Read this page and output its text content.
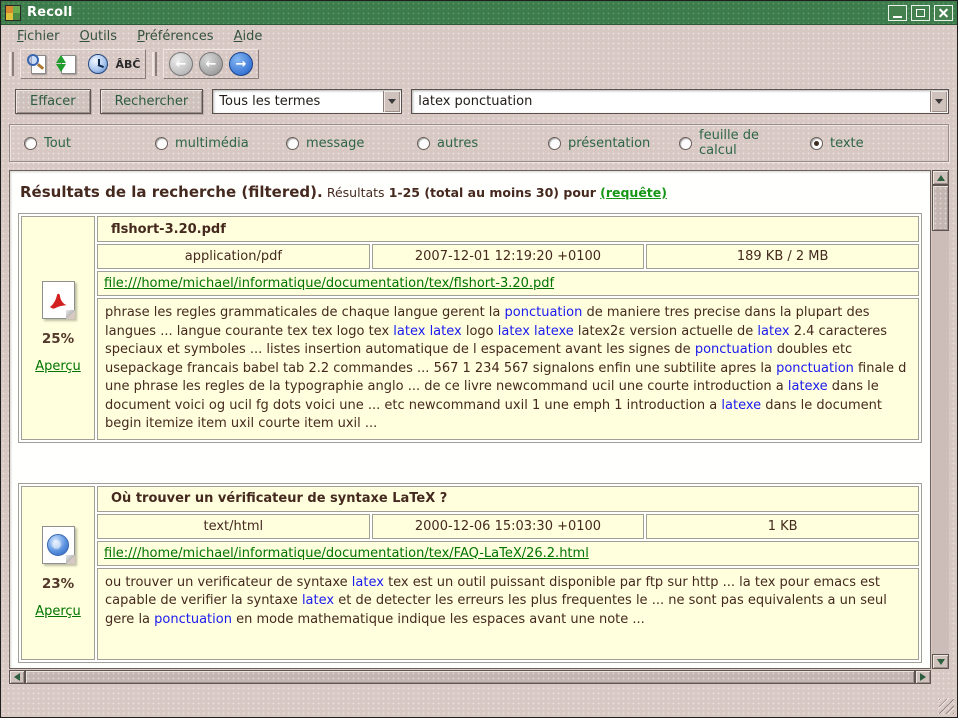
Recoll
Fichier	Outils	Préférences	Aide
ÂBĈ	←	←	→
Effacer	Rechercher	Tous les termes	latex ponctuation
Tout	multimédia	message	autres	présentation	feuille de calcul	texte
Résultats de la recherche (filtered). Résultats 1-25 (total au moins 30) pour (requête)
25%
Aperçu	flshort-3.20.pdf		
	application/pdf	2007-12-01 12:19:20 +0100	189 KB / 2 MB
	file:///home/michael/informatique/documentation/tex/flshort-3.20.pdf		
	phrase les regles grammaticales de chaque langue gerent la ponctuation de maniere tres precise dans la plupart des langues ... langue courante tex tex logo tex latex latex logo latex latexe latex2ε version actuelle de latex 2.4 caracteres speciaux et symboles ... listes insertion automatique de l espacement avant les signes de ponctuation doubles etc usepackage francais babel tab 2.2 commandes ... 567 1 234 567 signalons enfin une subtilite apres la ponctuation finale d une phrase les regles de la typographie anglo ... de ce livre newcommand ucil une courte introduction a latexe dans le document voici og ucil fg dots voici une ... etc newcommand uxil 1 une emph 1 introduction a latexe dans le document begin itemize item uxil courte item uxil ...		
23%
Aperçu	Où trouver un vérificateur de syntaxe LaTeX ?		
	text/html	2000-12-06 15:03:30 +0100	1 KB
	file:///home/michael/informatique/documentation/tex/FAQ-LaTeX/26.2.html		
	ou trouver un verificateur de syntaxe latex tex est un outil puissant disponible par ftp sur http ... la tex pour emacs est capable de verifier la syntaxe latex et de detecter les erreurs les plus frequentes le ... ne sont pas equivalents a un seul gere la ponctuation en mode mathematique indique les espaces avant une note ...		
